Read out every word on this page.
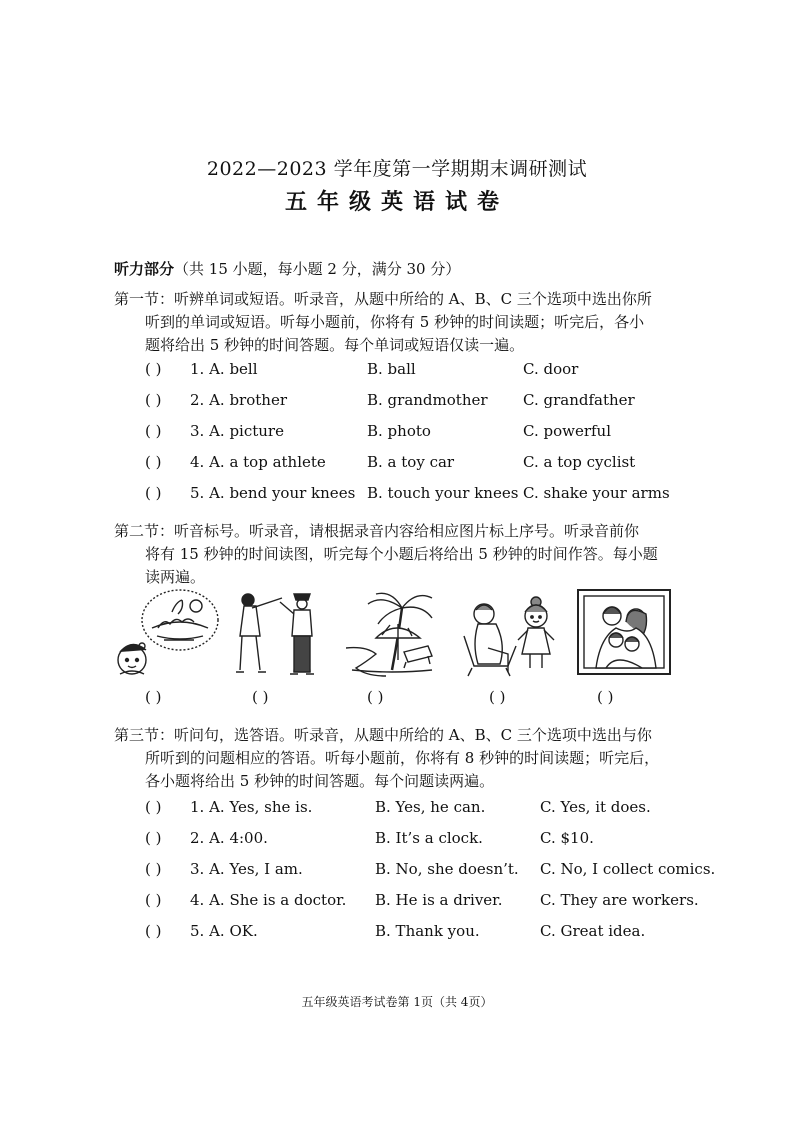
2022—2023 学年度第一学期期末调研测试
五年级英语试卷
听力部分（共 15 小题，每小题 2 分，满分 30 分）
第一节：听辨单词或短语。听录音，从题中所给的 A、B、C 三个选项中选出你所
听到的单词或短语。听每小题前，你将有 5 秒钟的时间读题；听完后，各小
题将给出 5 秒钟的时间答题。每个单词或短语仅读一遍。
( ) 1. A. bell	B. ball	C. door
( ) 2. A. brother	B. grandmother C. grandfather
( ) 3. A. picture	B. photo	C. powerful
( ) 4. A. a top athlete	B. a toy car	C. a top cyclist
( ) 5. A. bend your knees B. touch your knees C. shake your arms
第二节：听音标号。听录音，请根据录音内容给相应图片标上序号。听录音前你
将有 15 秒钟的时间读图，听完每个小题后将给出 5 秒钟的时间作答。每小题
读两遍。
( )	( )	( )	( )	( )
第三节：听问句，选答语。听录音，从题中所给的 A、B、C 三个选项中选出与你
所听到的问题相应的答语。听每小题前，你将有 8 秒钟的时间读题；听完后，
各小题将给出 5 秒钟的时间答题。每个问题读两遍。
( ) 1. A. Yes, she is.	B. Yes, he can.	C. Yes, it does.
( ) 2. A. 4:00.	B. It’s a clock.	C. $10.
( ) 3. A. Yes, I am.	B. No, she doesn’t. C. No, I collect comics.
( ) 4. A. She is a doctor. B. He is a driver.	C. They are workers.
( ) 5. A. OK.	B. Thank you.	C. Great idea.
五年级英语考试卷第 1页（共 4页）
